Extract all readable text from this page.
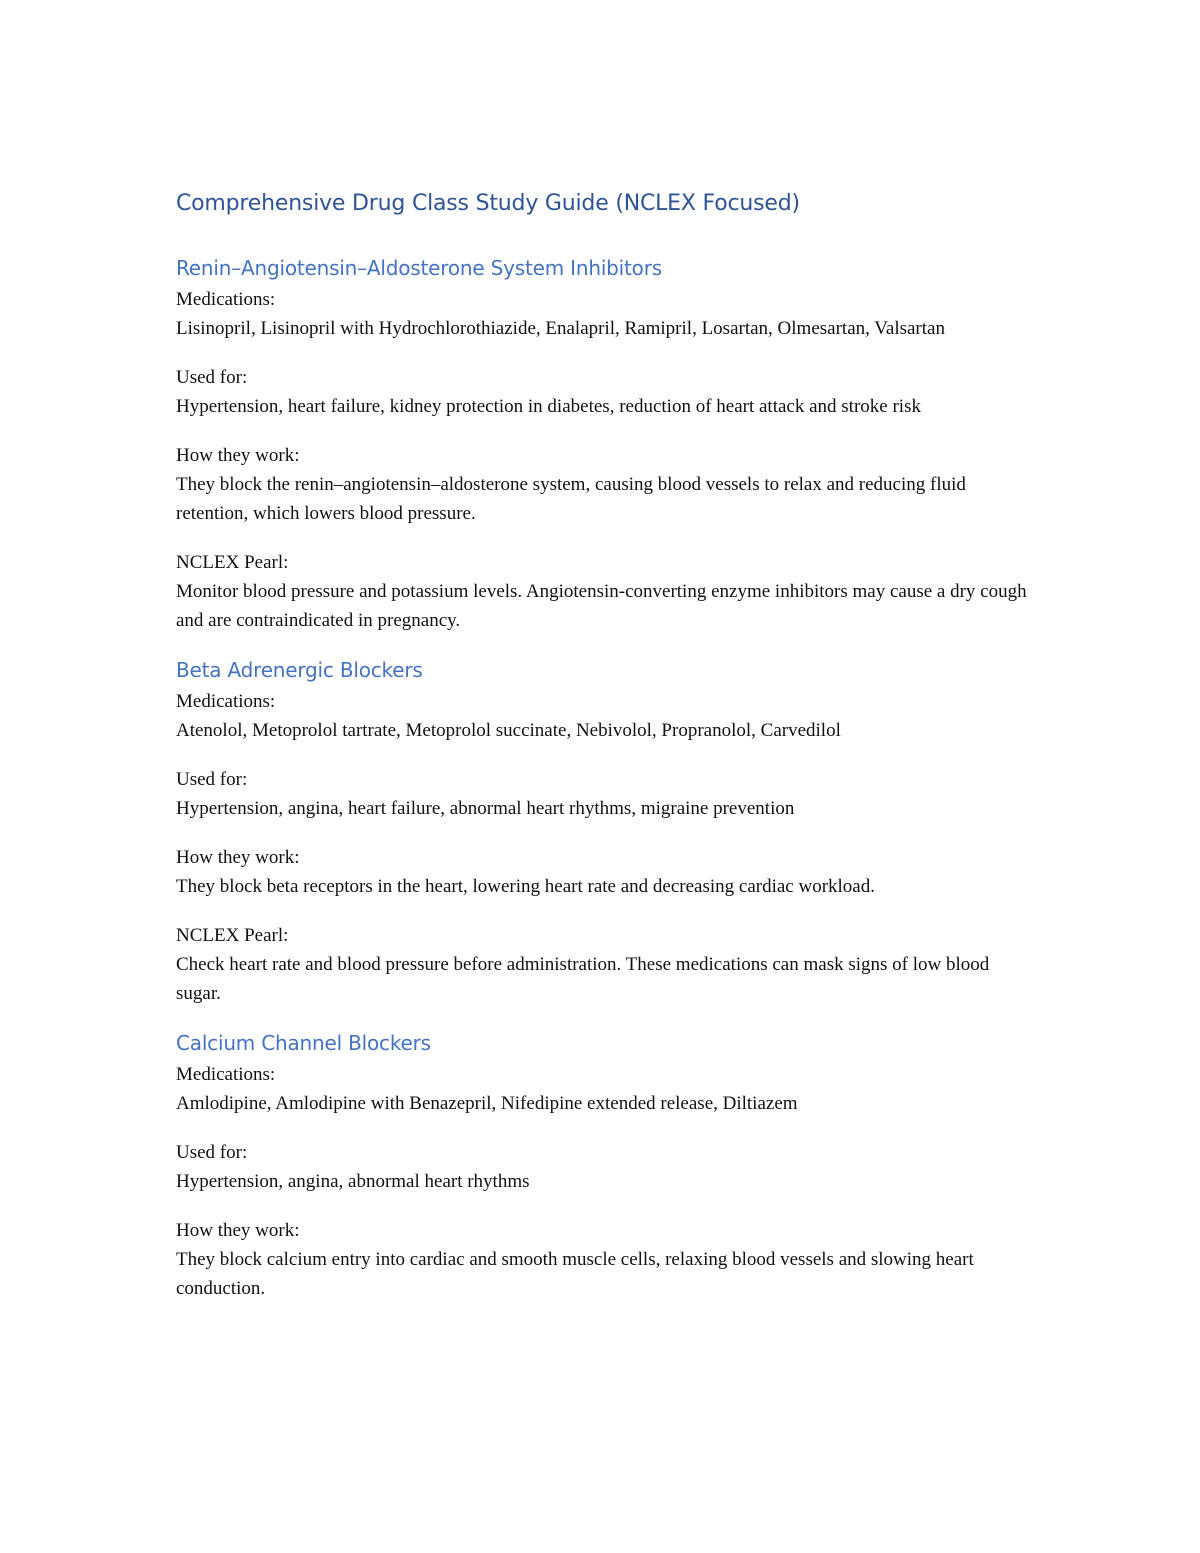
Comprehensive Drug Class Study Guide (NCLEX Focused)
Renin–Angiotensin–Aldosterone System Inhibitors
Medications:
Lisinopril, Lisinopril with Hydrochlorothiazide, Enalapril, Ramipril, Losartan, Olmesartan, Valsartan
Used for:
Hypertension, heart failure, kidney protection in diabetes, reduction of heart attack and stroke risk
How they work:
They block the renin–angiotensin–aldosterone system, causing blood vessels to relax and reducing fluid retention, which lowers blood pressure.
NCLEX Pearl:
Monitor blood pressure and potassium levels. Angiotensin-converting enzyme inhibitors may cause a dry cough and are contraindicated in pregnancy.
Beta Adrenergic Blockers
Medications:
Atenolol, Metoprolol tartrate, Metoprolol succinate, Nebivolol, Propranolol, Carvedilol
Used for:
Hypertension, angina, heart failure, abnormal heart rhythms, migraine prevention
How they work:
They block beta receptors in the heart, lowering heart rate and decreasing cardiac workload.
NCLEX Pearl:
Check heart rate and blood pressure before administration. These medications can mask signs of low blood sugar.
Calcium Channel Blockers
Medications:
Amlodipine, Amlodipine with Benazepril, Nifedipine extended release, Diltiazem
Used for:
Hypertension, angina, abnormal heart rhythms
How they work:
They block calcium entry into cardiac and smooth muscle cells, relaxing blood vessels and slowing heart conduction.
